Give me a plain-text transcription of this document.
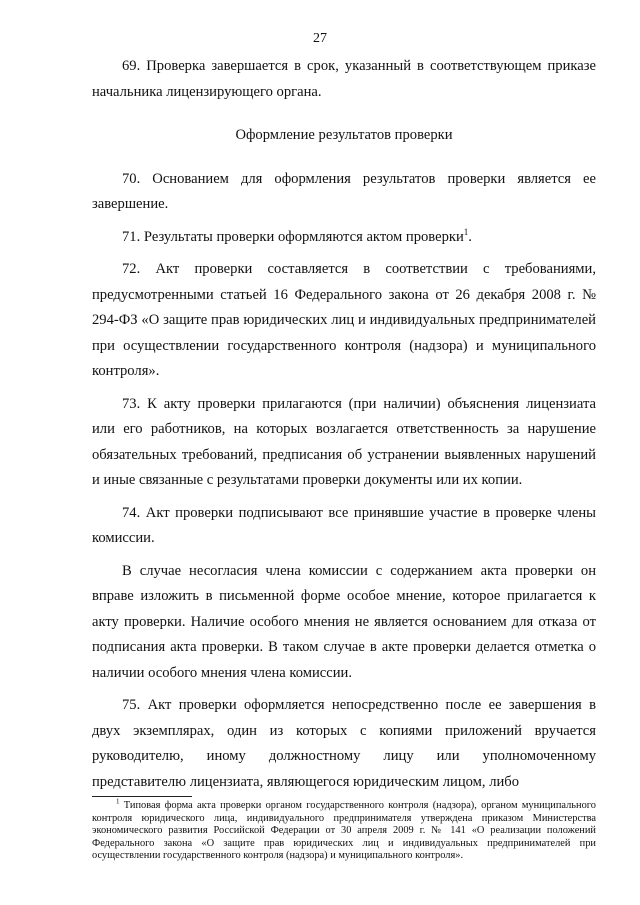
27

69. Проверка завершается в срок, указанный в соответствующем приказе начальника лицензирующего органа.

Оформление результатов проверки

70. Основанием для оформления результатов проверки является ее завершение.

71. Результаты проверки оформляются актом проверки$^1$.

72. Акт проверки составляется в соответствии с требованиями, предусмотренными статьей 16 Федерального закона от 26 декабря 2008 г. № 294-ФЗ «О защите прав юридических лиц и индивидуальных предпринимателей при осуществлении государственного контроля (надзора) и муниципального контроля».

73. К акту проверки прилагаются (при наличии) объяснения лицензиата или его работников, на которых возлагается ответственность за нарушение обязательных требований, предписания об устранении выявленных нарушений и иные связанные с результатами проверки документы или их копии.

74. Акт проверки подписывают все принявшие участие в проверке члены комиссии.

В случае несогласия члена комиссии с содержанием акта проверки он вправе изложить в письменной форме особое мнение, которое прилагается к акту проверки. Наличие особого мнения не является основанием для отказа от подписания акта проверки. В таком случае в акте проверки делается отметка о наличии особого мнения члена комиссии.

75. Акт проверки оформляется непосредственно после ее завершения в двух экземплярах, один из которых с копиями приложений вручается руководителю, иному должностному лицу или уполномоченному представителю лицензиата, являющегося юридическим лицом, либо

$^1$ Типовая форма акта проверки органом государственного контроля (надзора), органом муниципального контроля юридического лица, индивидуального предпринимателя утверждена приказом Министерства экономического развития Российской Федерации от 30 апреля 2009 г. № 141 «О реализации положений Федерального закона «О защите прав юридических лиц и индивидуальных предпринимателей при осуществлении государственного контроля (надзора) и муниципального контроля».
